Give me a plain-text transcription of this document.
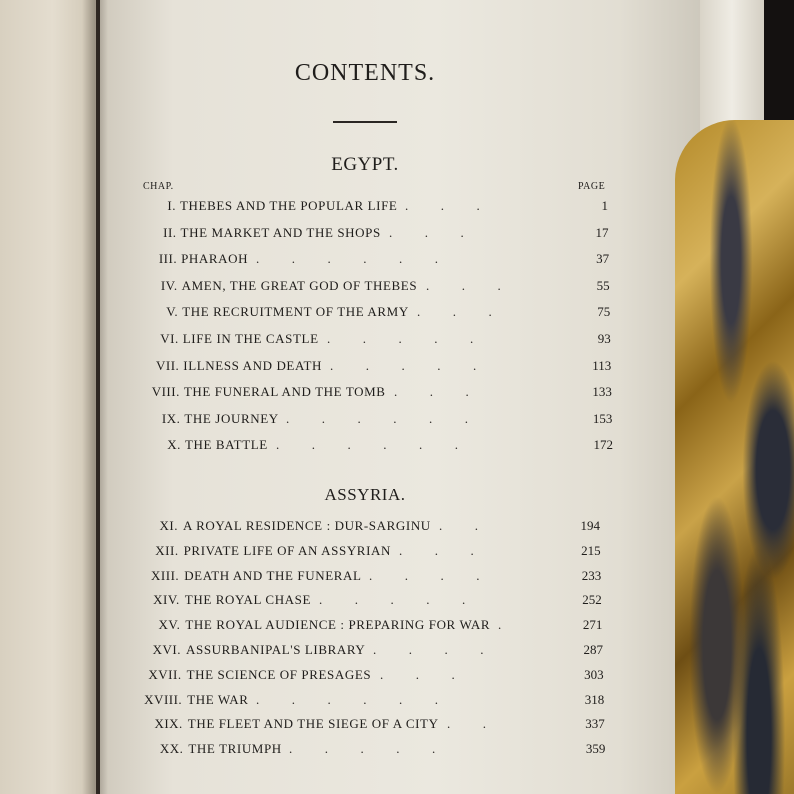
CONTENTS.
EGYPT.
CHAP.	PAGE
I. THEBES AND THE POPULAR LIFE .   .   .   	1
II. THE MARKET AND THE SHOPS .   .   .   	17
III. PHARAOH .   .   .   .   .   .   	37
IV. AMEN, THE GREAT GOD OF THEBES .   .   .   	55
V. THE RECRUITMENT OF THE ARMY .   .   .   	75
VI. LIFE IN THE CASTLE .   .   .   .   .   	93
VII. ILLNESS AND DEATH .   .   .   .   .   	113
VIII. THE FUNERAL AND THE TOMB .   .   .   	133
IX. THE JOURNEY .   .   .   .   .   .   	153
X. THE BATTLE .   .   .   .   .   .   	172
ASSYRIA.
XI. A ROYAL RESIDENCE : DUR-SARGINU .   .   	194
XII. PRIVATE LIFE OF AN ASSYRIAN .   .   .   	215
XIII. DEATH AND THE FUNERAL .   .   .   .   	233
XIV. THE ROYAL CHASE .   .   .   .   .   	252
XV. THE ROYAL AUDIENCE : PREPARING FOR WAR .   	271
XVI. ASSURBANIPAL'S LIBRARY .   .   .   .   	287
XVII. THE SCIENCE OF PRESAGES .   .   .   	303
XVIII. THE WAR .   .   .   .   .   .   	318
XIX. THE FLEET AND THE SIEGE OF A CITY .   .   	337
XX. THE TRIUMPH .   .   .   .   .   	359
